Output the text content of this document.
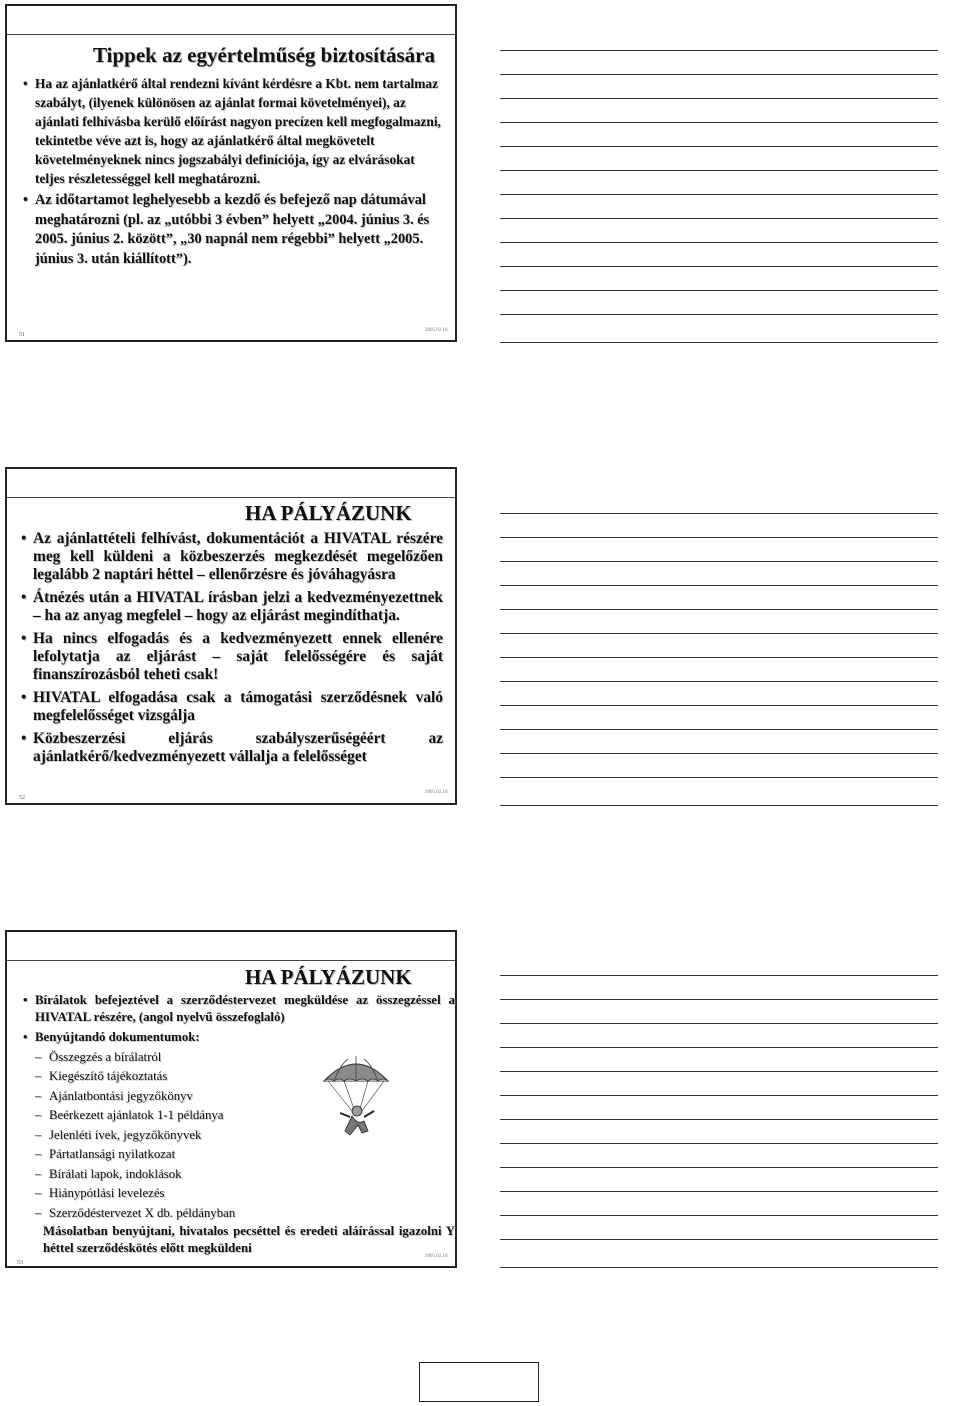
Tippek az egyértelműség biztosítására
• Ha az ajánlatkérő által rendezni kívánt kérdésre a Kbt. nem tartalmaz szabályt, (ilyenek különösen az ajánlat formai követelményei), az ajánlati felhívásba kerülő előírást nagyon precízen kell megfogalmazni, tekintetbe véve azt is, hogy az ajánlatkérő által megkövetelt követelményeknek nincs jogszabályi definíciója, így az elvárásokat teljes részletességgel kell meghatározni.
• Az időtartamot leghelyesebb a kezdő és befejező nap dátumával meghatározni (pl. az „utóbbi 3 évben” helyett „2004. június 3. és 2005. június 2. között”, „30 napnál nem régebbi” helyett „2005. június 3. után kiállított”).
51
2005.02.16.
HA PÁLYÁZUNK
• Az ajánlattételi felhívást, dokumentációt a HIVATAL részére meg kell küldeni a közbeszerzés megkezdését megelőzően legalább 2 naptári héttel – ellenőrzésre és jóváhagyásra
• Átnézés után a HIVATAL írásban jelzi a kedvezményezettnek – ha az anyag megfelel – hogy az eljárást megindíthatja.
• Ha nincs elfogadás és a kedvezményezett ennek ellenére lefolytatja az eljárást – saját felelősségére és saját finanszírozásból teheti csak!
• HIVATAL elfogadása csak a támogatási szerződésnek való megfelelősséget vizsgálja
• Közbeszerzési eljárás szabályszerűségéért az ajánlatkérő/kedvezményezett vállalja a felelősséget
52
2005.02.16.
HA PÁLYÁZUNK
• Bírálatok befejeztével a szerződéstervezet megküldése az összegzéssel a HIVATAL részére, (angol nyelvű összefoglaló)
• Benyújtandó dokumentumok:
– Összegzés a bírálatról
– Kiegészítő tájékoztatás
– Ajánlatbontási jegyzőkönyv
– Beérkezett ajánlatok 1-1 példánya
– Jelenléti ívek, jegyzőkönyvek
– Pártatlansági nyilatkozat
– Bírálati lapok, indoklások
– Hiánypótlási levelezés
– Szerződéstervezet X db. példányban
Másolatban benyújtani, hivatalos pecséttel és eredeti aláírással igazolni Y héttel szerződéskötés előtt megküldeni
53
2005.02.16.
